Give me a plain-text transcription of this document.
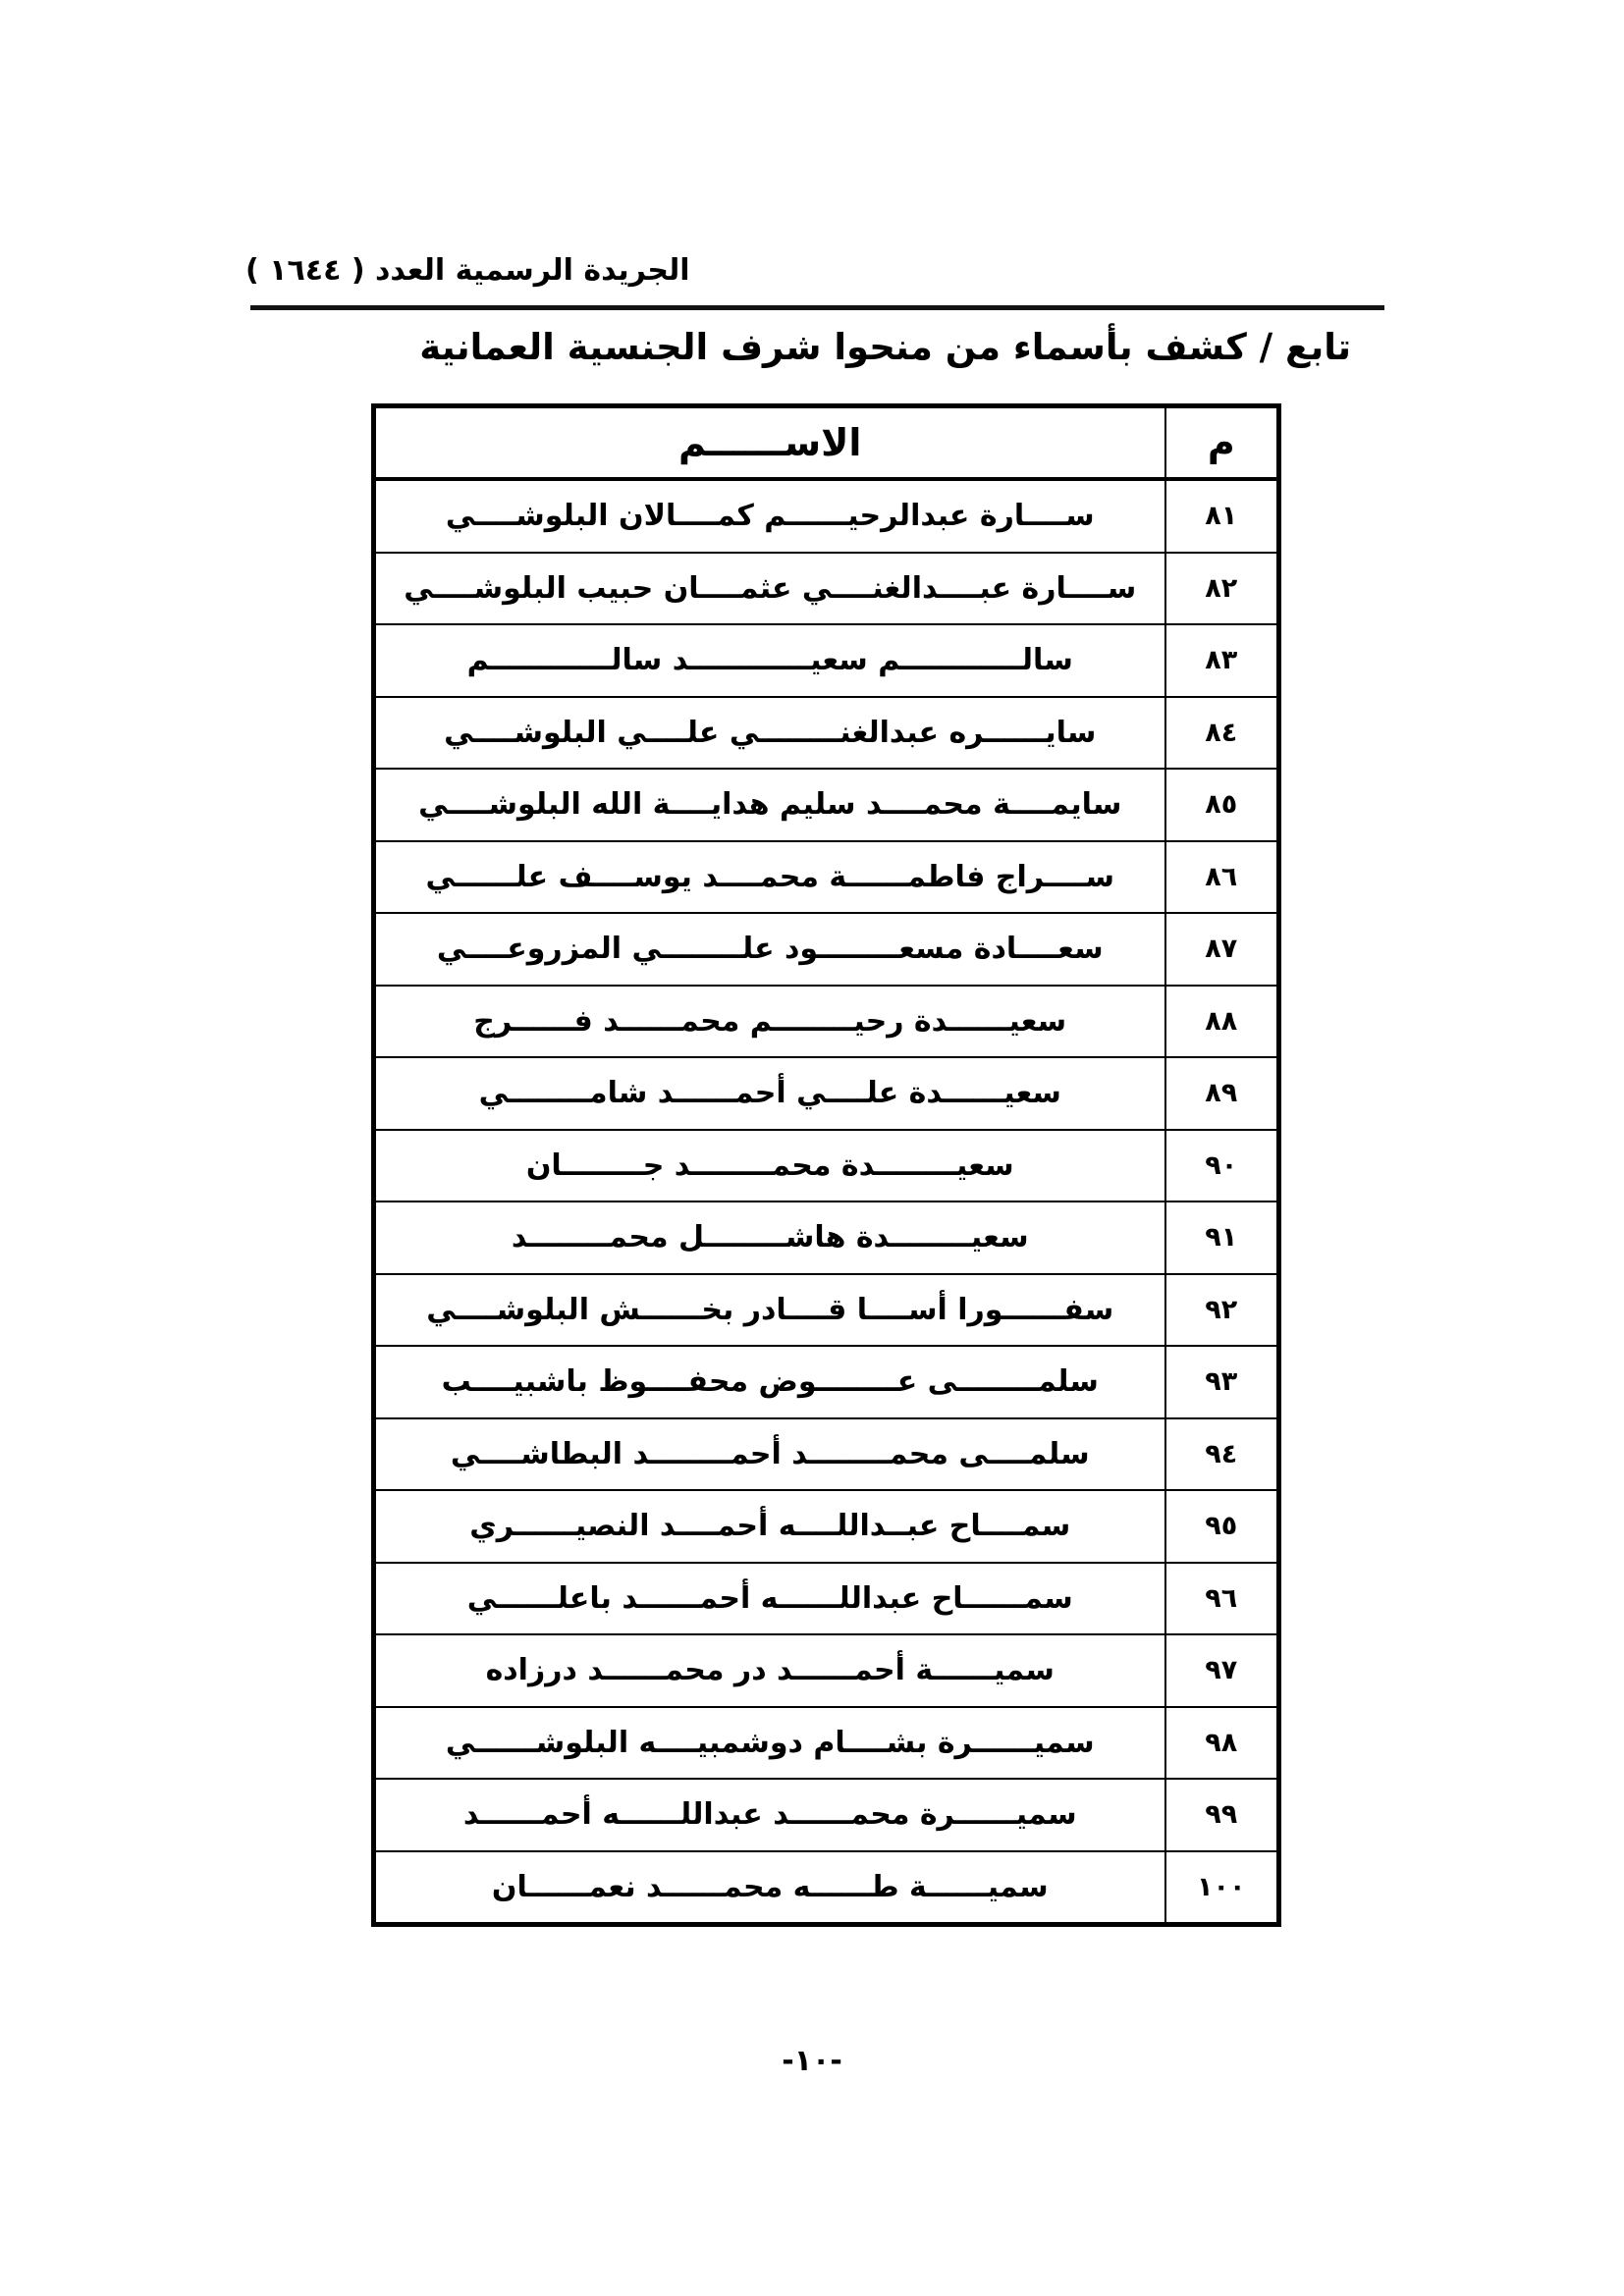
الجريدة الرسمية العدد ( ١٦٤٤ )
تابع / كشف بأسماء من منحوا شرف الجنسية العمانية
م	الاســــــم
٨١	ســــارة عبدالرحيــــــم كمــــالان البلوشــــي
٨٢	ســــارة عبــــدالغنــــي عثمــــان حبيب البلوشــــي
٨٣	سالــــــــــــم سعيــــــــــــد سالــــــــــــم
٨٤	سايــــــره عبدالغنــــــــي علــــي البلوشــــي
٨٥	سايمــــة محمــــد سليم هدايــــة الله البلوشــــي
٨٦	ســــراج فاطمــــــة محمــــد يوســــف علــــــي
٨٧	سعــــادة مسعــــــــود علــــــــي المزروعــــي
٨٨	سعيــــــدة رحيــــــــم محمــــــد فــــــرج
٨٩	سعيــــــدة علــــي أحمــــــد شامــــــــي
٩٠	سعيــــــــدة محمــــــــد جــــــــان
٩١	سعيــــــــدة هاشــــــــل محمــــــــد
٩٢	سفــــــورا أســــا قــــادر بخــــــش البلوشــــي
٩٣	سلمــــــــى عــــــــوض محفــــوظ باشبيــــب
٩٤	سلمــــى محمــــــــد أحمــــــــد البطاشــــي
٩٥	سمــــاح عبــداللــــه أحمــــد النصيــــــري
٩٦	سمــــــاح عبداللــــــه أحمــــــد باعلــــــي
٩٧	سميــــــة أحمــــــد در محمــــــد درزاده
٩٨	سميــــــرة بشــــام دوشمبيــــه البلوشــــــي
٩٩	سميــــــرة محمــــــد عبداللــــــه أحمــــــد
١٠٠	سميــــــة طــــــه محمــــــد نعمــــــان
-١٠-
